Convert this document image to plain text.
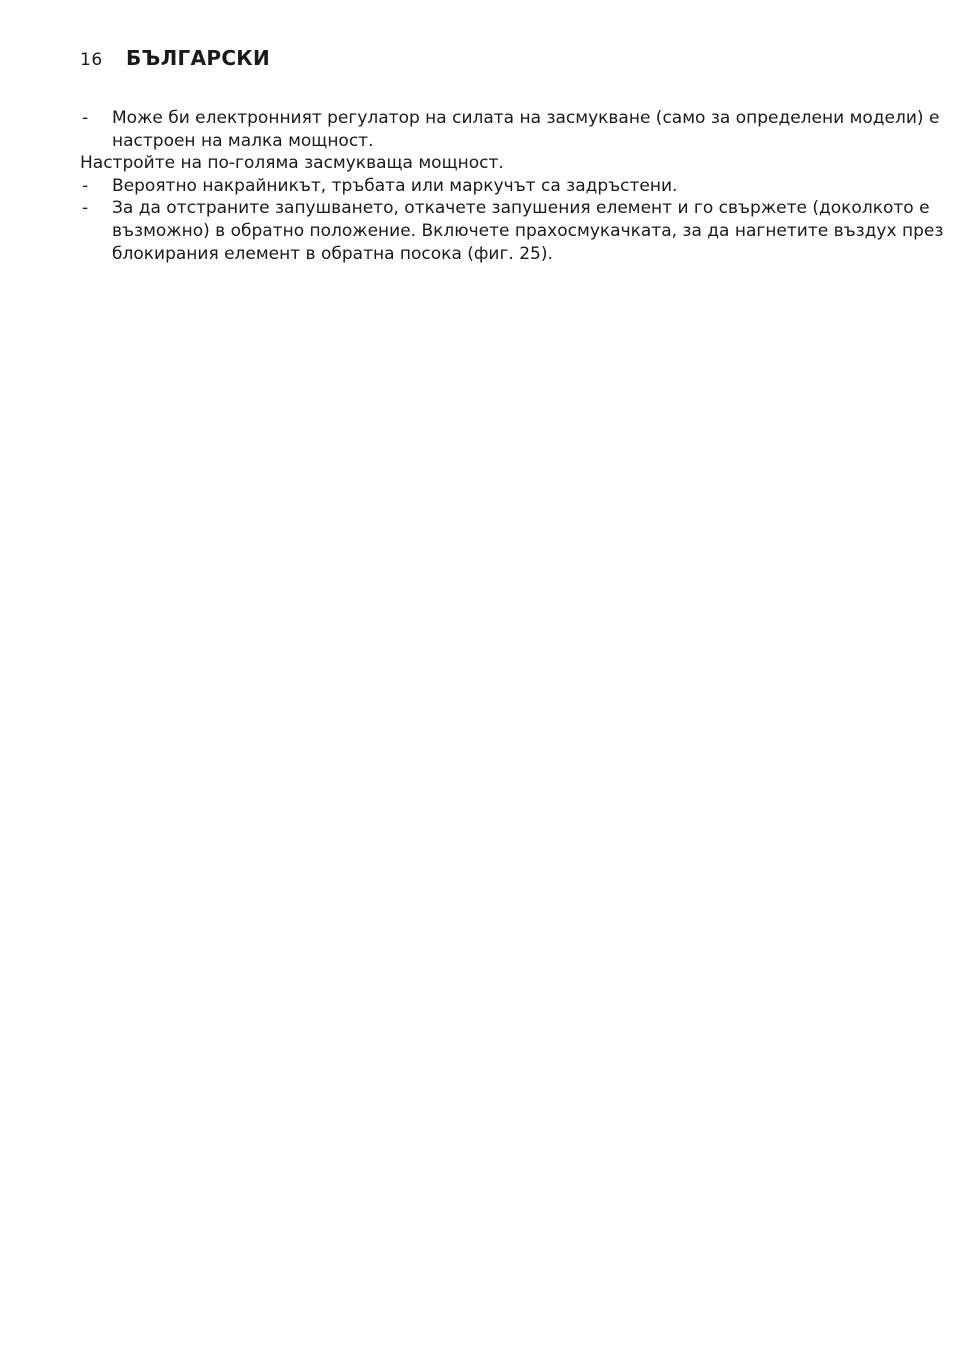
16	БЪЛГАРСКИ
- Може би електронният регулатор на силата на засмукване (само за определени модели) е
настроен на малка мощност.
Настройте на по-голяма засмукваща мощност.
- Вероятно накрайникът, тръбата или маркучът са задръстени.
- За да отстраните запушването, откачете запушения елемент и го свържете (доколкото е
възможно) в обратно положение. Включете прахосмукачката, за да нагнетите въздух през
блокирания елемент в обратна посока (фиг. 25).
